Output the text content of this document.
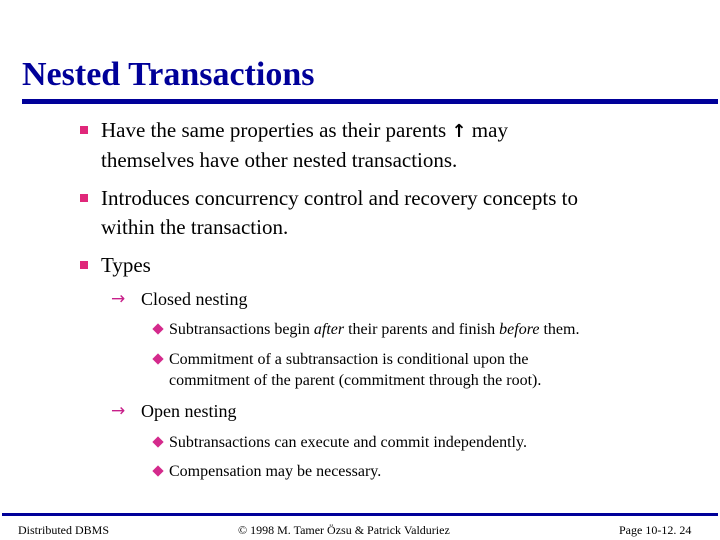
Nested Transactions
Have the same properties as their parents ↑ may
themselves have other nested transactions.
Introduces concurrency control and recovery concepts to
within the transaction.
Types
→ Closed nesting
Subtransactions begin after their parents and finish before them.
Commitment of a subtransaction is conditional upon the
commitment of the parent (commitment through the root).
→ Open nesting
Subtransactions can execute and commit independently.
Compensation may be necessary.
Distributed DBMS	© 1998 M. Tamer Özsu & Patrick Valduriez	Page 10-12. 24
